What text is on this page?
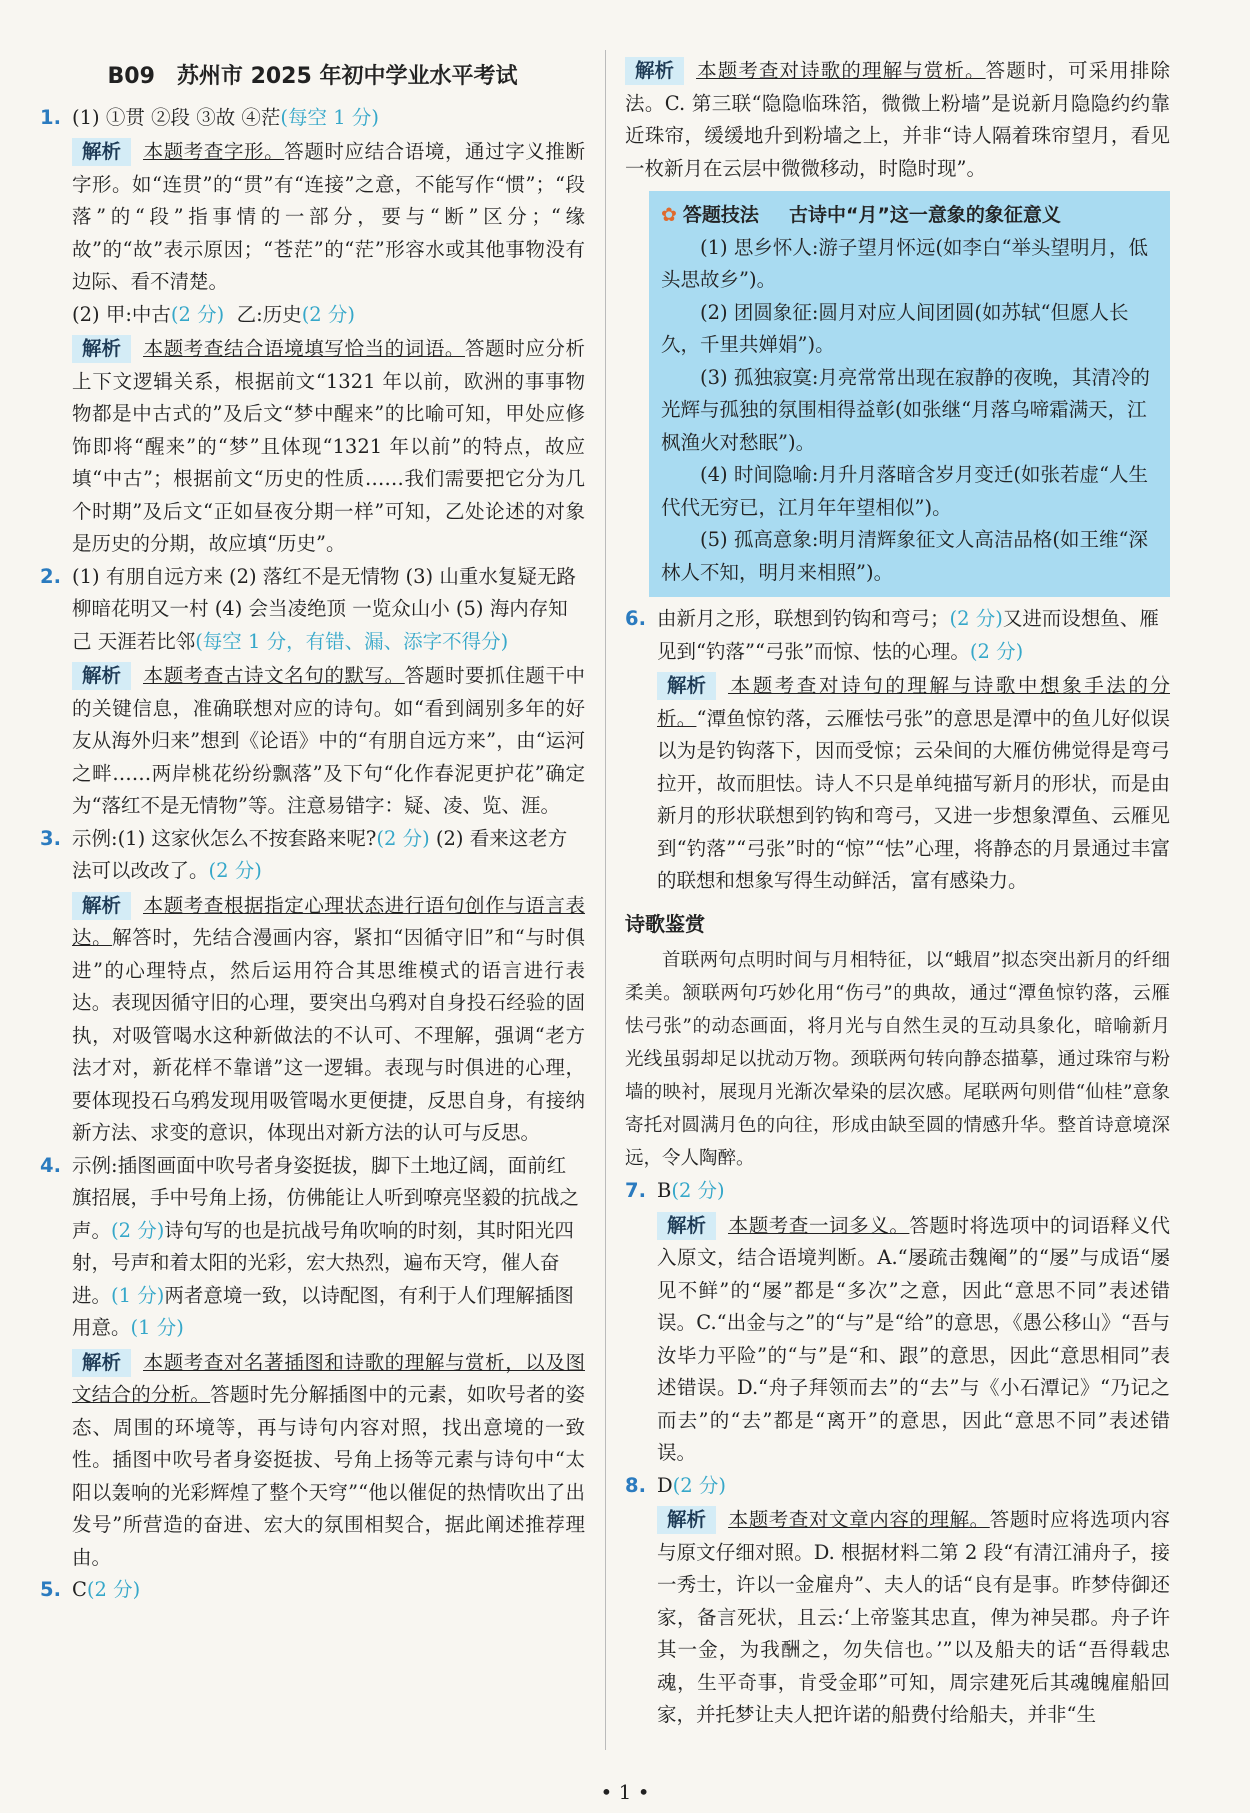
B09 苏州市 2025 年初中学业水平考试
1. (1) ①贯 ②段 ③故 ④茫(每空 1 分)

解析 本题考查字形。答题时应结合语境，通过字义推断字形。如“连贯”的“贯”有“连接”之意，不能写作“惯”；“段落”的“段”指事情的一部分，要与“断”区分；“缘故”的“故”表示原因；“苍茫”的“茫”形容水或其他事物没有边际、看不清楚。

(2) 甲:中古(2 分) 乙:历史(2 分)

解析 本题考查结合语境填写恰当的词语。答题时应分析上下文逻辑关系，根据前文“1321 年以前，欧洲的事事物物都是中古式的”及后文“梦中醒来”的比喻可知，甲处应修饰即将“醒来”的“梦”且体现“1321 年以前”的特点，故应填“中古”；根据前文“历史的性质……我们需要把它分为几个时期”及后文“正如昼夜分期一样”可知，乙处论述的对象是历史的分期，故应填“历史”。

2. (1) 有朋自远方来 (2) 落红不是无情物 (3) 山重水复疑无路 柳暗花明又一村 (4) 会当凌绝顶 一览众山小 (5) 海内存知己 天涯若比邻(每空 1 分，有错、漏、添字不得分)

解析 本题考查古诗文名句的默写。答题时要抓住题干中的关键信息，准确联想对应的诗句。如“看到阔别多年的好友从海外归来”想到《论语》中的“有朋自远方来”，由“运河之畔……两岸桃花纷纷飘落”及下句“化作春泥更护花”确定为“落红不是无情物”等。注意易错字：疑、凌、览、涯。

3. 示例:(1) 这家伙怎么不按套路来呢?(2 分) (2) 看来这老方法可以改改了。(2 分)

解析 本题考查根据指定心理状态进行语句创作与语言表达。解答时，先结合漫画内容，紧扣“因循守旧”和“与时俱进”的心理特点，然后运用符合其思维模式的语言进行表达。表现因循守旧的心理，要突出乌鸦对自身投石经验的固执，对吸管喝水这种新做法的不认可、不理解，强调“老方法才对，新花样不靠谱”这一逻辑。表现与时俱进的心理，要体现投石乌鸦发现用吸管喝水更便捷，反思自身，有接纳新方法、求变的意识，体现出对新方法的认可与反思。

4. 示例:插图画面中吹号者身姿挺拔，脚下土地辽阔，面前红旗招展，手中号角上扬，仿佛能让人听到嘹亮坚毅的抗战之声。(2 分)诗句写的也是抗战号角吹响的时刻，其时阳光四射，号声和着太阳的光彩，宏大热烈，遍布天穹，催人奋进。(1 分)两者意境一致，以诗配图，有利于人们理解插图用意。(1 分)

解析 本题考查对名著插图和诗歌的理解与赏析，以及图文结合的分析。答题时先分解插图中的元素，如吹号者的姿态、周围的环境等，再与诗句内容对照，找出意境的一致性。插图中吹号者身姿挺拔、号角上扬等元素与诗句中“太阳以轰响的光彩辉煌了整个天穹”“他以催促的热情吹出了出发号”所营造的奋进、宏大的氛围相契合，据此阐述推荐理由。

5. C(2 分)

解析 本题考查对诗歌的理解与赏析。答题时，可采用排除法。C. 第三联“隐隐临珠箔，微微上粉墙”是说新月隐隐约约靠近珠帘，缓缓地升到粉墙之上，并非“诗人隔着珠帘望月，看见一枚新月在云层中微微移动，时隐时现”。

✿ 答题技法 古诗中“月”这一意象的象征意义

(1) 思乡怀人:游子望月怀远(如李白“举头望明月，低头思故乡”)。

(2) 团圆象征:圆月对应人间团圆(如苏轼“但愿人长久，千里共婵娟”)。

(3) 孤独寂寞:月亮常常出现在寂静的夜晚，其清冷的光辉与孤独的氛围相得益彰(如张继“月落乌啼霜满天，江枫渔火对愁眠”)。

(4) 时间隐喻:月升月落暗含岁月变迁(如张若虚“人生代代无穷已，江月年年望相似”)。

(5) 孤高意象:明月清辉象征文人高洁品格(如王维“深林人不知，明月来相照”)。

6. 由新月之形，联想到钓钩和弯弓；(2 分)又进而设想鱼、雁见到“钓落”“弓张”而惊、怯的心理。(2 分)

解析 本题考查对诗句的理解与诗歌中想象手法的分析。“潭鱼惊钓落，云雁怯弓张”的意思是潭中的鱼儿好似误以为是钓钩落下，因而受惊；云朵间的大雁仿佛觉得是弯弓拉开，故而胆怯。诗人不只是单纯描写新月的形状，而是由新月的形状联想到钓钩和弯弓，又进一步想象潭鱼、云雁见到“钓落”“弓张”时的“惊”“怯”心理，将静态的月景通过丰富的联想和想象写得生动鲜活，富有感染力。

诗歌鉴赏

首联两句点明时间与月相特征，以“蛾眉”拟态突出新月的纤细柔美。颔联两句巧妙化用“伤弓”的典故，通过“潭鱼惊钓落，云雁怯弓张”的动态画面，将月光与自然生灵的互动具象化，暗喻新月光线虽弱却足以扰动万物。颈联两句转向静态描摹，通过珠帘与粉墙的映衬，展现月光渐次晕染的层次感。尾联两句则借“仙桂”意象寄托对圆满月色的向往，形成由缺至圆的情感升华。整首诗意境深远，令人陶醉。

7. B(2 分)

解析 本题考查一词多义。答题时将选项中的词语释义代入原文，结合语境判断。A.“屡疏击魏阉”的“屡”与成语“屡见不鲜”的“屡”都是“多次”之意，因此“意思不同”表述错误。C.“出金与之”的“与”是“给”的意思，《愚公移山》“吾与汝毕力平险”的“与”是“和、跟”的意思，因此“意思相同”表述错误。D.“舟子拜领而去”的“去”与《小石潭记》“乃记之而去”的“去”都是“离开”的意思，因此“意思不同”表述错误。

8. D(2 分)

解析 本题考查对文章内容的理解。答题时应将选项内容与原文仔细对照。D. 根据材料二第 2 段“有清江浦舟子，接一秀士，许以一金雇舟”、夫人的话“良有是事。昨梦侍御还家，备言死状，且云:‘上帝鉴其忠直，俾为神吴郡。舟子许其一金，为我酬之，勿失信也。’”以及船夫的话“吾得载忠魂，生平奇事，肯受金耶”可知，周宗建死后其魂魄雇船回家，并托梦让夫人把许诺的船费付给船夫，并非“生

• 1 •
